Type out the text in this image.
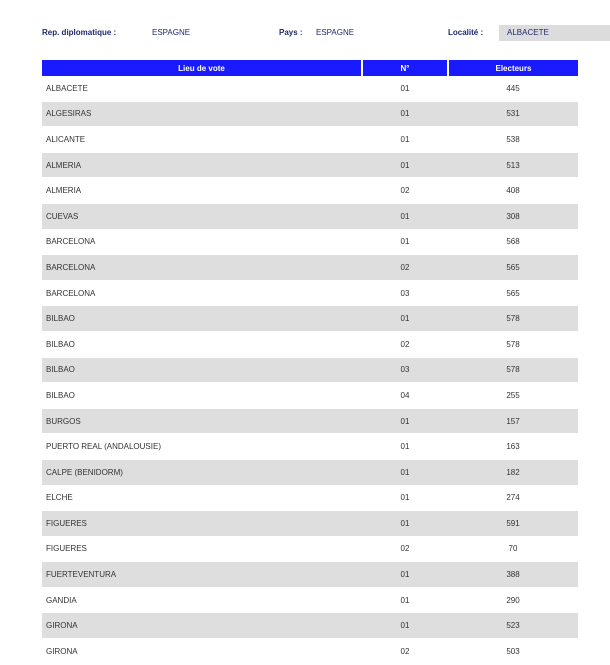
Rep. diplomatique :	ESPAGNE	Pays : ESPAGNE	Localité :	ALBACETE
Lieu de vote	N°	Electeurs
ALBACETE	01	445
ALGESIRAS	01	531
ALICANTE	01	538
ALMERIA	01	513
ALMERIA	02	408
CUEVAS	01	308
BARCELONA	01	568
BARCELONA	02	565
BARCELONA	03	565
BILBAO	01	578
BILBAO	02	578
BILBAO	03	578
BILBAO	04	255
BURGOS	01	157
PUERTO REAL (ANDALOUSIE)	01	163
CALPE (BENIDORM)	01	182
ELCHE	01	274
FIGUERES	01	591
FIGUERES	02	70
FUERTEVENTURA	01	388
GANDIA	01	290
GIRONA	01	523
GIRONA	02	503
